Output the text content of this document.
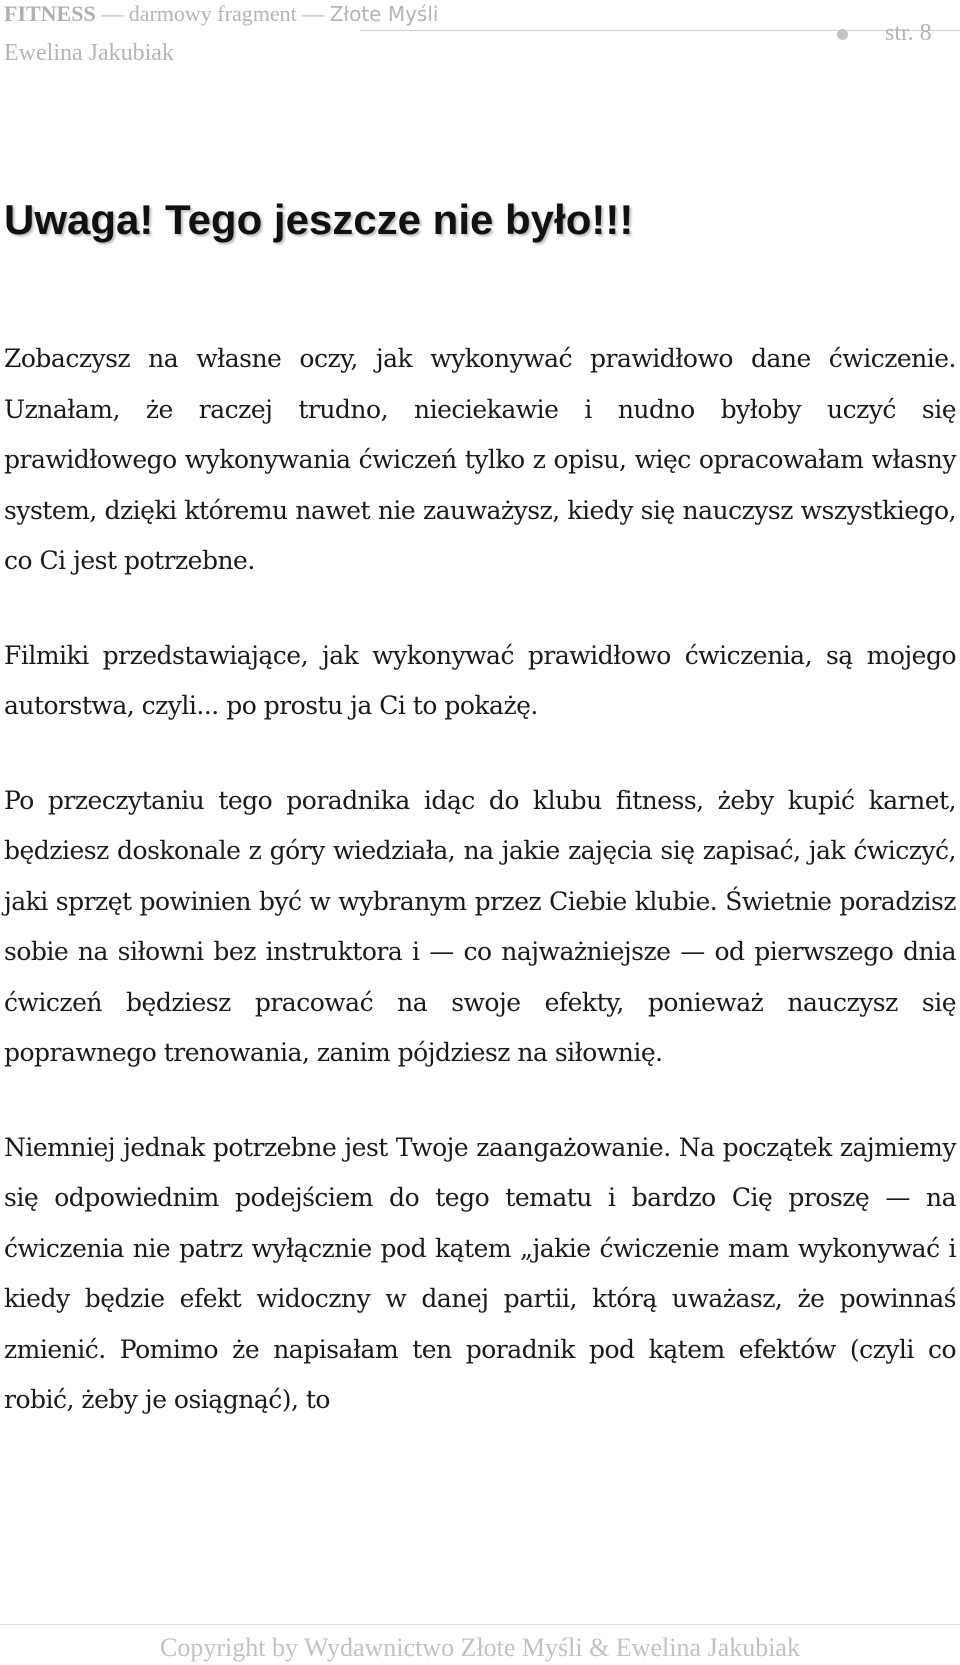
FITNESS — darmowy fragment — Złote Myśli
Ewelina Jakubiak
str. 8
Uwaga! Tego jeszcze nie było!!!

Zobaczysz na własne oczy, jak wykonywać prawidłowo dane ćwiczenie. Uznałam, że raczej trudno, nieciekawie i nudno byłoby uczyć się prawidłowego wykonywania ćwiczeń tylko z opisu, więc opracowałam własny system, dzięki któremu nawet nie zauważysz, kiedy się nauczysz wszystkiego, co Ci jest potrzebne.

Filmiki przedstawiające, jak wykonywać prawidłowo ćwiczenia, są mojego autorstwa, czyli... po prostu ja Ci to pokażę.

Po przeczytaniu tego poradnika idąc do klubu fitness, żeby kupić karnet, będziesz doskonale z góry wiedziała, na jakie zajęcia się zapisać, jak ćwiczyć, jaki sprzęt powinien być w wybranym przez Ciebie klubie. Świetnie poradzisz sobie na siłowni bez instruktora i — co najważniejsze — od pierwszego dnia ćwiczeń będziesz pracować na swoje efekty, ponieważ nauczysz się poprawnego trenowania, zanim pójdziesz na siłownię.

Niemniej jednak potrzebne jest Twoje zaangażowanie. Na początek zajmiemy się odpowiednim podejściem do tego tematu i bardzo Cię proszę — na ćwiczenia nie patrz wyłącznie pod kątem „jakie ćwiczenie mam wykonywać i kiedy będzie efekt widoczny w danej partii, którą uważasz, że powinnaś zmienić. Pomimo że napisałam ten poradnik pod kątem efektów (czyli co robić, żeby je osiągnąć), to

Copyright by Wydawnictwo Złote Myśli & Ewelina Jakubiak
